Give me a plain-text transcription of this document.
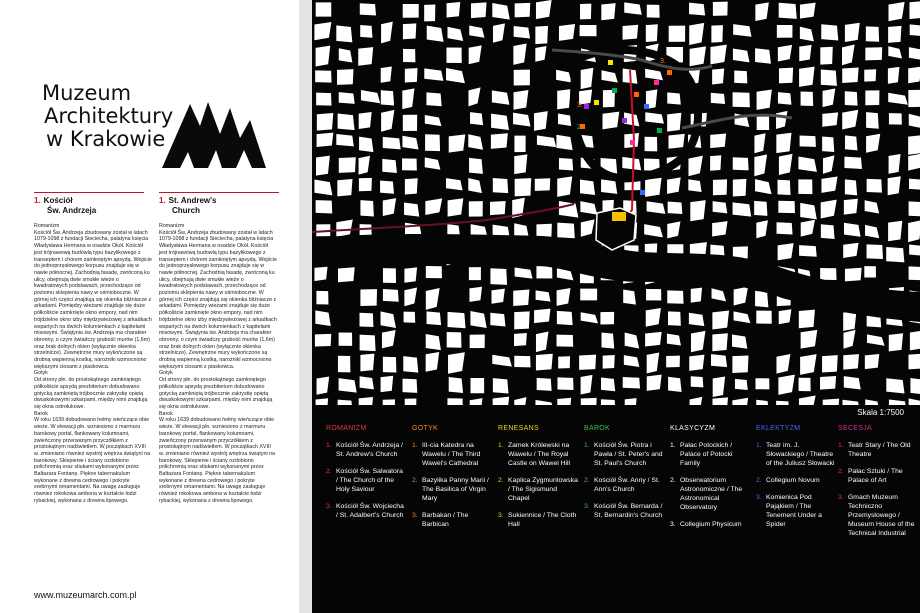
Muzeum
Architektury
w Krakowie
1. Kościół
Św. Andrzeja

Romanizm

Kościół Św. Andrzeja zbudowany został w latach 1079-1098 z fundacji Sieciecha, palatyna księcia Władysława Hermana w osadzie Okół. Kościół jest trójnawową budowlą typu bazylikowego z transeptem i chórem zamkniętym apsydą. Wejście do jednoprzęsłowego korpusu znajduje się w nawie północnej. Zachodnią fasadę, zwróconą ku ulicy, obejmują dwie smukłe wieże o kwadratowych podstawach, przechodzące od poziomu sklepienia nawy w ośmioboczne. W górnej ich części znajdują się okienka bliźniacze z arkadami. Pomiędzy wieżami znajduje się duże półkoliście zamknięte okno empory, nad nim trójdzielne okno izby międzywieżowej z arkadkach wspartych na dwóch kolumienkach z kapitelami misowymi. Świątynia św. Andrzeja ma charakter obronny, o czym świadczy grubość murów (1,6m) oraz brak dolnych okien (wyłącznie okienka strzelnicze). Zewnętrzne mury wykończone są drobną wapienną kostką, narożniki wzmocniono większymi ciosami z piaskowca.

Gotyk

Od strony płn. do prostokątnego zamkniętego półkoliście apsydą prezbiterium dobudowano gotycką zamkniętą trójbocznie zakrystię opiętą dwuskokowymi szkarpami, między nimi znajdują się okna ostrołukowe.

Barok

W roku 1639 dobudowano hełmy wieńczące obie wieże. W elewacji płn. wzniesiono z marmuru barokowy portal, flankowany kolumnami, zwieńczony przerwanym przyczółkiem z prostokątnym nadświetlem. W początkach XVIII w. zmieniano również wystrój wnętrza świątyni na barokowy. Sklepienie i ściany ozdobiono polichromią oraz stiukami wykonanymi przez Baltazara Fontanę. Piękne tabernakulum wykonane z drewna cedrowego i pokryte srebrnymi ornamentami. Na uwagę zasługuje również rokokowa ambona w kształcie łodzi rybackiej, wykonana z drewna lipowego.

1. St. Andrew's
Church

Romanizm

Kościół Św. Andrzeja zbudowany został w latach 1079-1098 z fundacji Sieciecha, palatyna księcia Władysława Hermana w osadzie Okół. Kościół jest trójnawową budowlą typu bazylikowego z transeptem i chórem zamkniętym apsydą. Wejście do jednoprzęsłowego korpusu znajduje się w nawie północnej. Zachodnią fasadę, zwróconą ku ulicy, obejmują dwie smukłe wieże o kwadratowych podstawach, przechodzące od poziomu sklepienia nawy w ośmioboczne. W górnej ich części znajdują się okienka bliźniacze z arkadami. Pomiędzy wieżami znajduje się duże półkoliście zamknięte okno empory, nad nim trójdzielne okno izby międzywieżowej z arkadkach wspartych na dwóch kolumienkach z kapitelami misowymi. Świątynia św. Andrzeja ma charakter obronny, o czym świadczy grubość murów (1,6m) oraz brak dolnych okien (wyłącznie okienka strzelnicze). Zewnętrzne mury wykończone są drobną wapienną kostką, narożniki wzmocniono większymi ciosami z piaskowca.

Gotyk

Od strony płn. do prostokątnego zamkniętego półkoliście apsydą prezbiterium dobudowano gotycką zamkniętą trójbocznie zakrystię opiętą dwuskokowymi szkarpami, między nimi znajdują się okna ostrołukowe.

Barok

W roku 1639 dobudowano hełmy wieńczące obie wieże. W elewacji płn. wzniesiono z marmuru barokowy portal, flankowany kolumnami, zwieńczony przerwanym przyczółkiem z prostokątnym nadświetlem. W początkach XVIII w. zmieniano również wystrój wnętrza świątyni na barokowy. Sklepienie i ściany ozdobiono polichromią oraz stiukami wykonanymi przez Baltazara Fontanę. Piękne tabernakulum wykonane z drewna cedrowego i pokryte srebrnymi ornamentami. Na uwagę zasługuje również rokokowa ambona w kształcie łodzi rybackiej, wykonana z drewna lipowego.

www.muzeumarch.com.pl
3.
2.
3.
Skala 1:7500
ROMANIZM
1. Kościół Św. Andrzeja / St. Andrew's Church
2. Kościół Św. Salwatora / The Church of the Holy Saviour
3. Kościół Św. Wojciecha / St. Adalbert's Church
GOTYK
1. III-cia Katedra na Wawelu / The Third Wawel's Cathedral
2. Bazylika Panny Marii / The Basilica of Virgin Mary
3. Barbakan / The Barbican
RENESANS
1. Zamek Królewski na Wawelu / The Royal Castle on Wawel Hill
2. Kaplica Zygmuntowska / The Sigismund Chapel
3. Sukiennice / The Cloth Hall
BAROK
1. Kościół Św. Piotra i Pawła / St. Peter's and St. Paul's Church
2. Kościół Św. Anny / St. Ann's Church
3. Kościół Św. Bernarda / St. Bernardin's Church
KLASYCYZM
1. Pałac Potockich / Palace of Potocki Family
2. Obserwatorium Astronomiczne / The Astronomical Observatory
3. Collegium Physicum
EKLEKTYZM
1. Teatr im. J. Słowackiego / Theatre of the Juliusz Słowacki
2. Collegium Novum
3. Komienica Pod Pająkiem / The Tenement Under a Spider
SECESJA
1. Teatr Stary / The Old Theatre
2. Pałac Sztuki / The Palace of Art
3. Gmach Muzeum Techniczno Przemysłowego / Museum House of the Technical Industrial
